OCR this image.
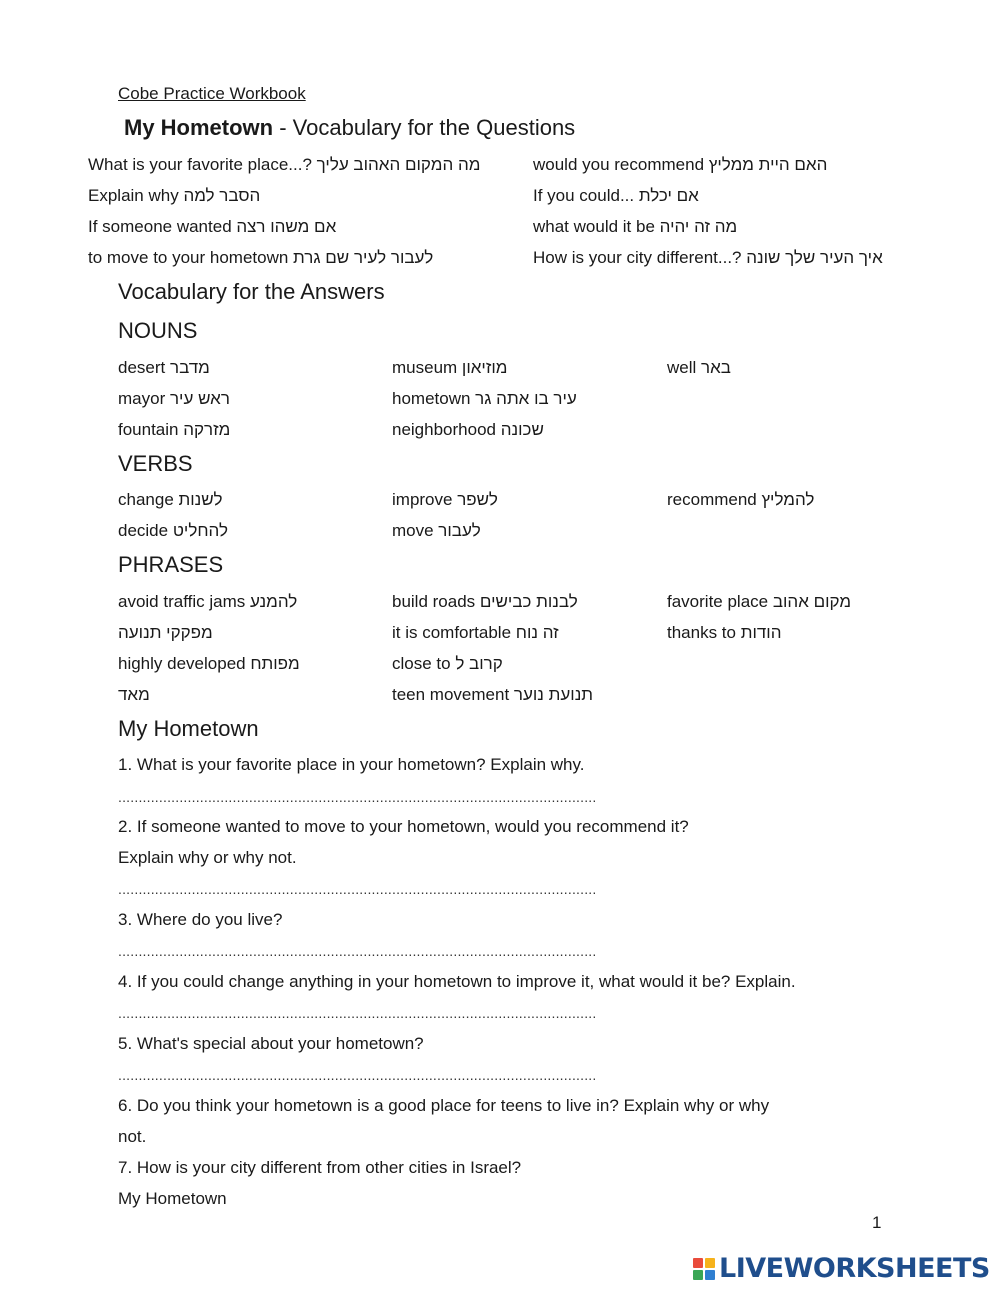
Cobe Practice Workbook
My Hometown - Vocabulary for the Questions
What is your favorite place...? מה המקום האהוב עליך
Explain why הסבר למה
If someone wanted אם משהו רצה
to move to your hometown לעבור לעיר שם גרת
would you recommend האם היית ממליץ
If you could... אם יכלת
what would it be מה זה יהיה
How is your city different...? איך העיר שלך שונה
Vocabulary for the Answers
NOUNS
desert מדבר
mayor ראש עיר
fountain מזרקה
museum מוזיאון
hometown עיר בו אתה גר
neighborhood שכונה
well באר
VERBS
change לשנות
decide להחליט
improve לשפר
move לעבור
recommend להמליץ
PHRASES
avoid traffic jams להמנע
מפקקי תנועה
highly developed מפותח
מאד
build roads לבנות כבישים
it is comfortable זה נוח
close to קרוב ל
teen movement תנועת נוער
favorite place מקום אהוב
thanks to הודות
My Hometown
1. What is your favorite place in your hometown? Explain why.
.....................................................................................................................
2. If someone wanted to move to your hometown, would you recommend it?
Explain why or why not.
.....................................................................................................................
3. Where do you live?
.....................................................................................................................
4. If you could change anything in your hometown to improve it, what would it be? Explain.
.....................................................................................................................
5. What's special about your hometown?
.....................................................................................................................
6. Do you think your hometown is a good place for teens to live in? Explain why or why
not.
7. How is your city different from other cities in Israel?
My Hometown
1
LIVEWORKSHEETS
